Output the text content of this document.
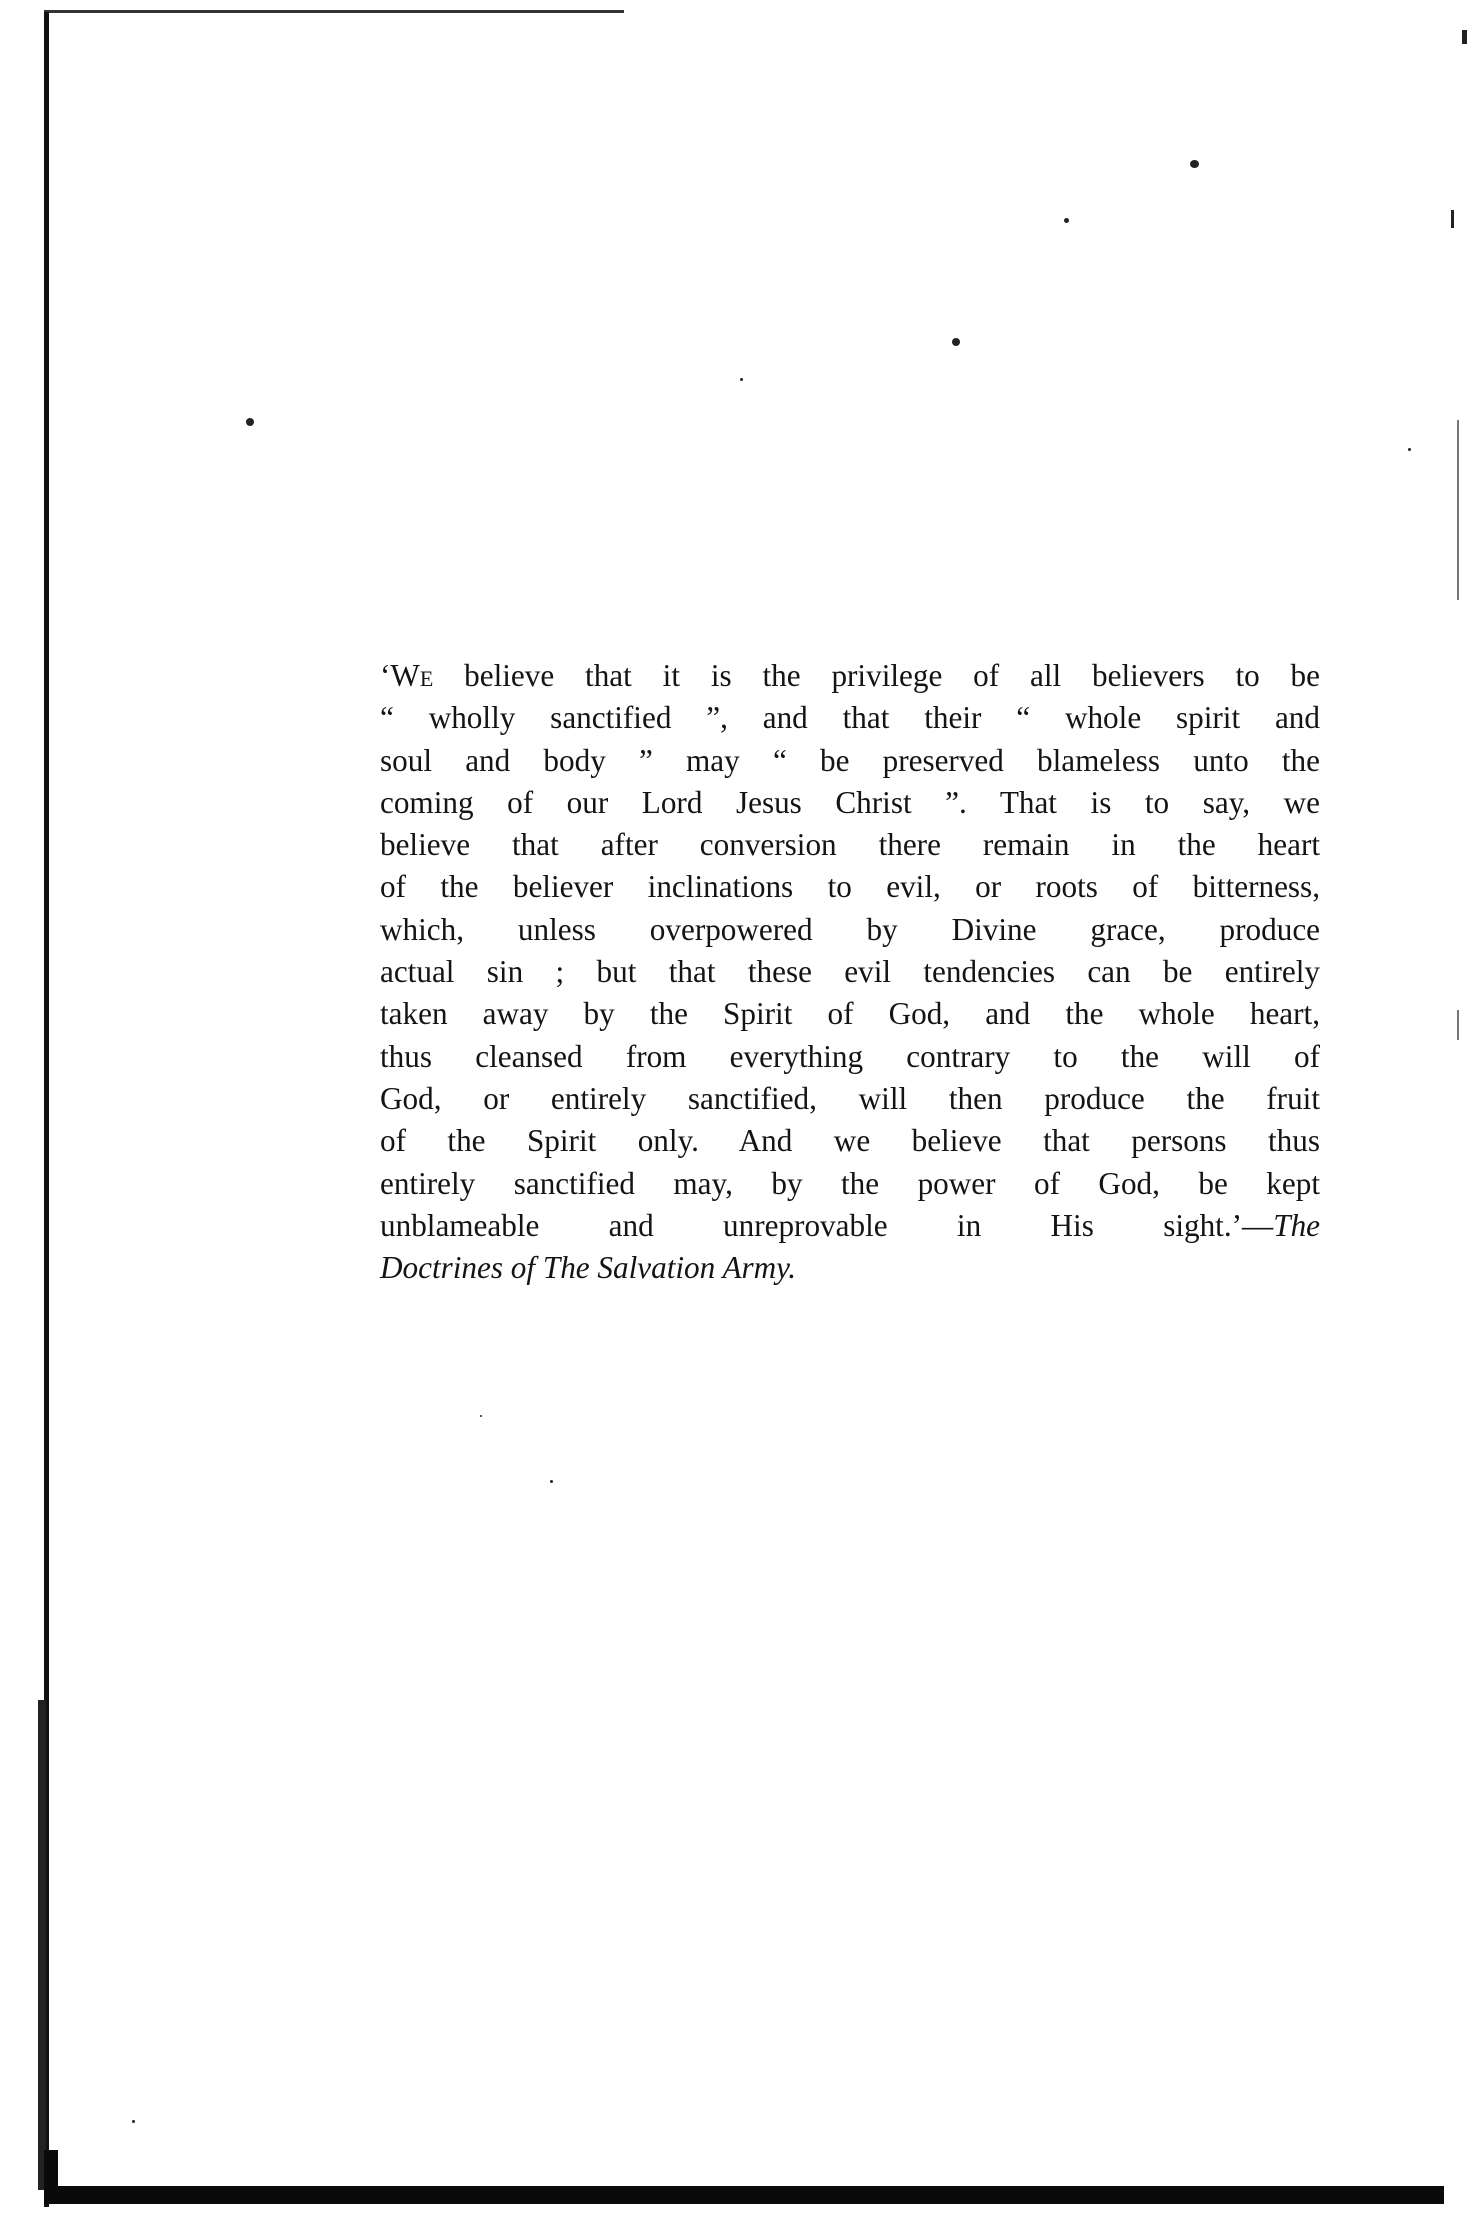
‘We believe that it is the privilege of all believers to be
“ wholly sanctified ”, and that their “ whole spirit and
soul and body ” may “ be preserved blameless unto the
coming of our Lord Jesus Christ ”. That is to say, we
believe that after conversion there remain in the heart
of the believer inclinations to evil, or roots of bitterness,
which, unless overpowered by Divine grace, produce
actual sin ; but that these evil tendencies can be entirely
taken away by the Spirit of God, and the whole heart,
thus cleansed from everything contrary to the will of
God, or entirely sanctified, will then produce the fruit
of the Spirit only. And we believe that persons thus
entirely sanctified may, by the power of God, be kept
unblameable and unreprovable in His sight.’—The
Doctrines of The Salvation Army.
